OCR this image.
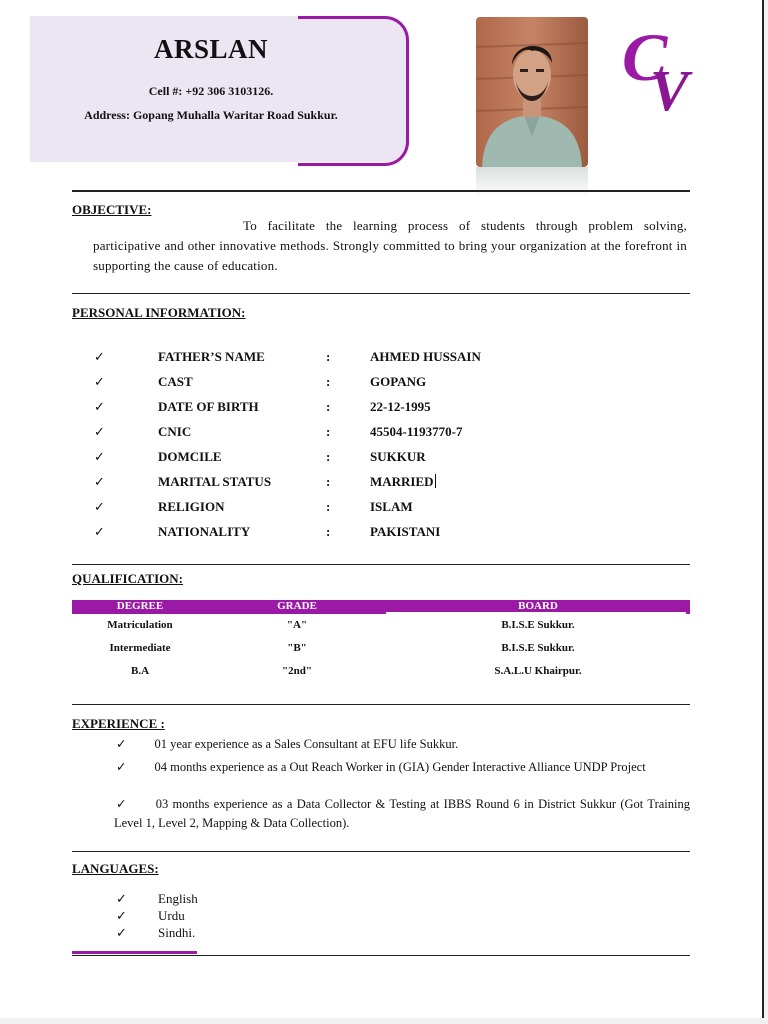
ARSLAN
Cell #: +92 306 3103126.
Address: Gopang Muhalla Waritar Road Sukkur.
C
V
OBJECTIVE:
To facilitate the learning process of students through problem solving, participative and other innovative methods. Strongly committed to bring your organization at the forefront in supporting the cause of education.
PERSONAL INFORMATION:
✓	FATHER’S NAME	:	AHMED HUSSAIN
✓	CAST	:	GOPANG
✓	DATE OF BIRTH	:	22-12-1995
✓	CNIC	:	45504-1193770-7
✓	DOMCILE	:	SUKKUR
✓	MARITAL STATUS	:	MARRIED
✓	RELIGION	:	ISLAM
✓	NATIONALITY	:	PAKISTANI
QUALIFICATION:
DEGREE	GRADE	BOARD
Matriculation	"A"	B.I.S.E Sukkur.
Intermediate	"B"	B.I.S.E Sukkur.
B.A	"2nd"	S.A.L.U Khairpur.
EXPERIENCE :
✓ 01 year experience as a Sales Consultant at EFU life Sukkur.
✓ 04 months experience as a Out Reach Worker in (GIA) Gender Interactive Alliance UNDP Project
✓ 03 months experience as a Data Collector & Testing at IBBS Round 6 in District Sukkur (Got Training Level 1, Level 2, Mapping & Data Collection).
LANGUAGES:
✓ English
✓ Urdu
✓ Sindhi.
